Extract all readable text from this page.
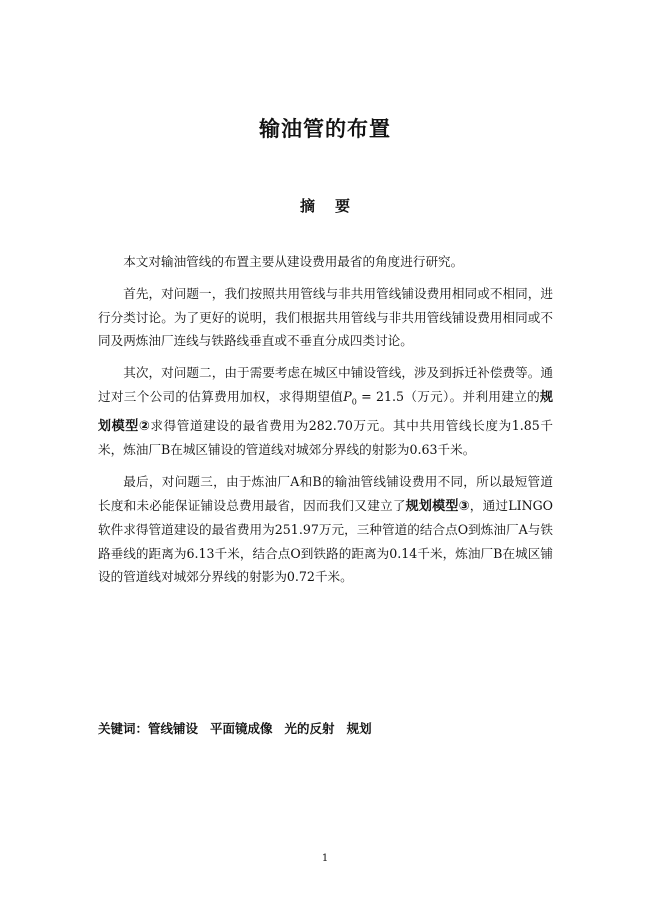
输油管的布置
摘 要

本文对输油管线的布置主要从建设费用最省的角度进行研究。

首先，对问题一，我们按照共用管线与非共用管线铺设费用相同或不相同，进行分类讨论。为了更好的说明，我们根据共用管线与非共用管线铺设费用相同或不同及两炼油厂连线与铁路线垂直或不垂直分成四类讨论。

其次，对问题二，由于需要考虑在城区中铺设管线，涉及到拆迁补偿费等。通过对三个公司的估算费用加权，求得期望值$P_0 = 21.5$（万元）。并利用建立的规划模型②求得管道建设的最省费用为282.70万元。其中共用管线长度为1.85千米，炼油厂B在城区铺设的管道线对城郊分界线的射影为0.63千米。

最后，对问题三，由于炼油厂A和B的输油管线铺设费用不同，所以最短管道长度和未必能保证铺设总费用最省，因而我们又建立了规划模型③，通过LINGO软件求得管道建设的最省费用为251.97万元，三种管道的结合点O到炼油厂A与铁路垂线的距离为6.13千米，结合点O到铁路的距离为0.14千米，炼油厂B在城区铺设的管道线对城郊分界线的射影为0.72千米。

关键词：管线铺设 平面镜成像 光的反射 规划
1
